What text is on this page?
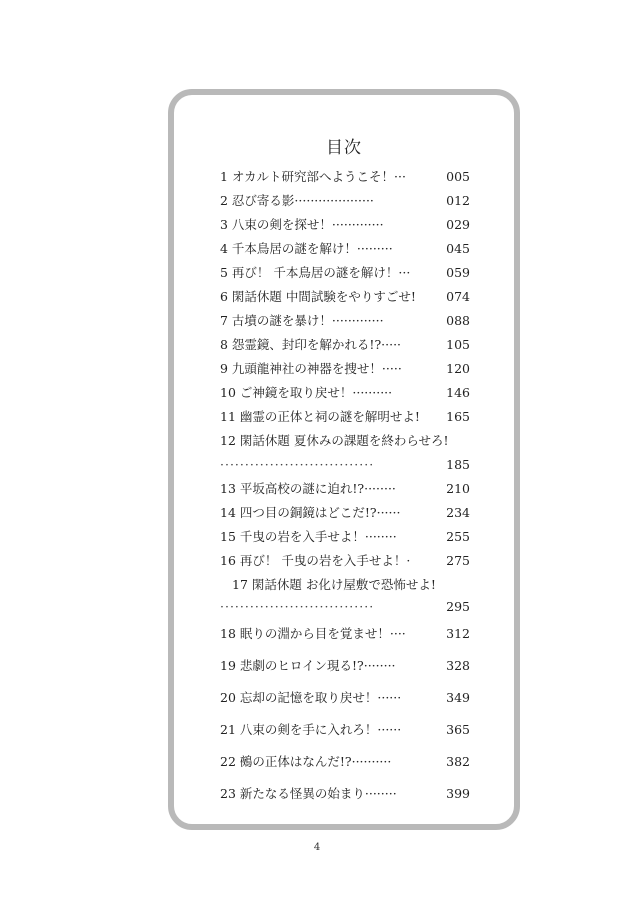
目次
1 オカルト研究部へようこそ！···	005
2 忍び寄る影····················	012
3 八束の剣を探せ！·············	029
4 千本鳥居の謎を解け！·········	045
5 再び！ 千本鳥居の謎を解け！···	059
6 閑話休題 中間試験をやりすごせ! 074
7 古墳の謎を暴け！·············	088
8 怨霊鏡、封印を解かれる!?·····	105
9 九頭龍神社の神器を捜せ！·····	120
10 ご神鏡を取り戻せ！··········	146
11 幽霊の正体と祠の謎を解明せよ! 165
12 閑話休題 夏休みの課題を終わらせろ!
·······························	185
13 平坂高校の謎に迫れ!?········	210
14 四つ目の銅鏡はどこだ!?······	234
15 千曳の岩を入手せよ！········	255
16 再び！ 千曳の岩を入手せよ！·	275
17 閑話休題 お化け屋敷で恐怖せよ!
·······························	295
18 眠りの淵から目を覚ませ！····	312
19 悲劇のヒロイン現る!?········	328
20 忘却の記憶を取り戻せ！······	349
21 八束の剣を手に入れろ！······	365
22 鵺の正体はなんだ!?··········	382
23 新たなる怪異の始まり········	399
4
